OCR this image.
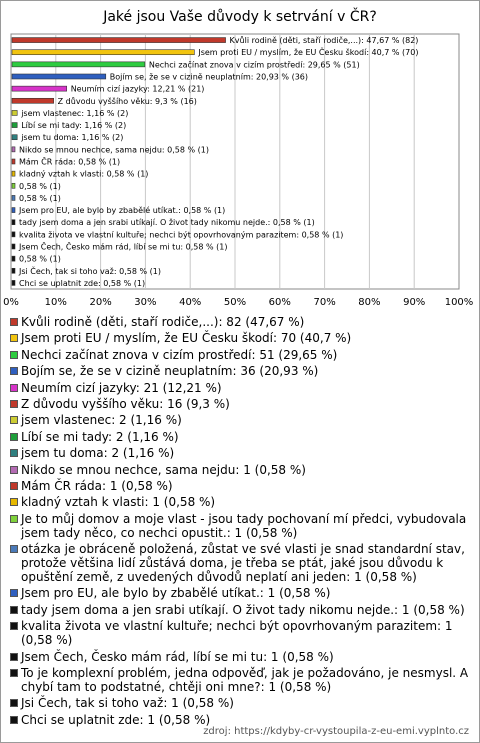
Jaké jsou Vaše důvody k setrvání v ČR?
0%	10% 20% 30% 40% 50% 60% 70% 80% 90% 100%
Kvůli rodině (děti, staří rodiče,...): 47,67 % (82)
Jsem proti EU / myslím, že EU Česku škodí: 40,7 % (70)
Nechci začínat znova v cizím prostředí: 29,65 % (51)
Bojím se, že se v cizině neuplatním: 20,93 % (36)
Neumím cizí jazyky: 12,21 % (21)
Z důvodu vyššího věku: 9,3 % (16)
jsem vlastenec: 1,16 % (2)
Líbí se mi tady: 1,16 % (2)
jsem tu doma: 1,16 % (2)
Nikdo se mnou nechce, sama nejdu: 0,58 % (1)
Mám ČR ráda: 0,58 % (1)
kladný vztah k vlasti: 0,58 % (1)
0,58 % (1)
0,58 % (1)
Jsem pro EU, ale bylo by zbabělé utíkat.: 0,58 % (1)
tady jsem doma a jen srabi utíkají. O život tady nikomu nejde.: 0,58 % (1)
kvalita života ve vlastní kultuře; nechci být opovrhovaným parazitem: 0,58 % (1)
Jsem Čech, Česko mám rád, líbí se mi tu: 0,58 % (1)
0,58 % (1)
Jsi Čech, tak si toho važ: 0,58 % (1)
Chci se uplatnit zde: 0,58 % (1)
Kvůli rodině (děti, staří rodiče,...): 82 (47,67 %)
Jsem proti EU / myslím, že EU Česku škodí: 70 (40,7 %)
Nechci začínat znova v cizím prostředí: 51 (29,65 %)
Bojím se, že se v cizině neuplatním: 36 (20,93 %)
Neumím cizí jazyky: 21 (12,21 %)
Z důvodu vyššího věku: 16 (9,3 %)
jsem vlastenec: 2 (1,16 %)
Líbí se mi tady: 2 (1,16 %)
jsem tu doma: 2 (1,16 %)
Nikdo se mnou nechce, sama nejdu: 1 (0,58 %)
Mám ČR ráda: 1 (0,58 %)
kladný vztah k vlasti: 1 (0,58 %)
Je to můj domov a moje vlast - jsou tady pochovaní mí předci, vybudovala jsem tady něco, co nechci opustit.: 1 (0,58 %)
otázka je obráceně položená, zůstat ve své vlasti je snad standardní stav, protože většina lidí zůstává doma, je třeba se ptát, jaké jsou důvodu k opuštění země, z uvedených důvodů neplatí ani jeden: 1 (0,58 %)
Jsem pro EU, ale bylo by zbabělé utíkat.: 1 (0,58 %)
tady jsem doma a jen srabi utíkají. O život tady nikomu nejde.: 1 (0,58 %)
kvalita života ve vlastní kultuře; nechci být opovrhovaným parazitem: 1 (0,58 %)
Jsem Čech, Česko mám rád, líbí se mi tu: 1 (0,58 %)
To je komplexní problém, jedna odpověď, jak je požadováno, je nesmysl. A chybí tam to podstatné, chtěji oni mne?: 1 (0,58 %)
Jsi Čech, tak si toho važ: 1 (0,58 %)
Chci se uplatnit zde: 1 (0,58 %)
zdroj: https://kdyby-cr-vystoupila-z-eu-emi.vyplnto.cz
